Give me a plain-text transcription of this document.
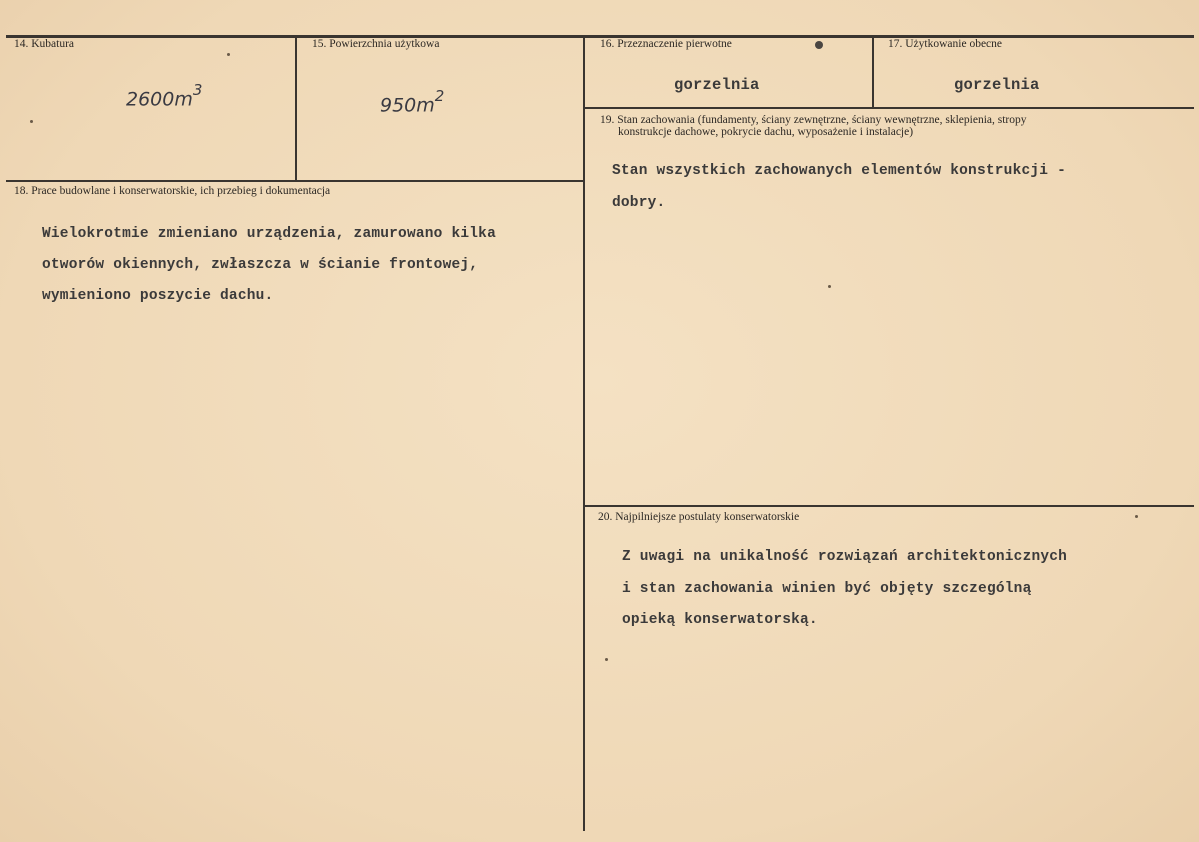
14. Kubatura
$2600m^3$
15. Powierzchnia użytkowa
$950m^2$
16. Przeznaczenie pierwotne
gorzelnia
17. Użytkowanie obecne
gorzelnia
19. Stan zachowania (fundamenty, ściany zewnętrzne, ściany wewnętrzne, sklepienia, stropy
konstrukcje dachowe, pokrycie dachu, wyposażenie i instalacje)
Stan wszystkich zachowanych elementów konstrukcji -
dobry.
18. Prace budowlane i konserwatorskie, ich przebieg i dokumentacja
Wielokrotmie zmieniano urządzenia, zamurowano kilka
otworów okiennych, zwłaszcza w ścianie frontowej,
wymieniono poszycie dachu.
20. Najpilniejsze postulaty konserwatorskie
Z uwagi na unikalność rozwiązań architektonicznych
i stan zachowania winien być objęty szczególną
opieką konserwatorską.
